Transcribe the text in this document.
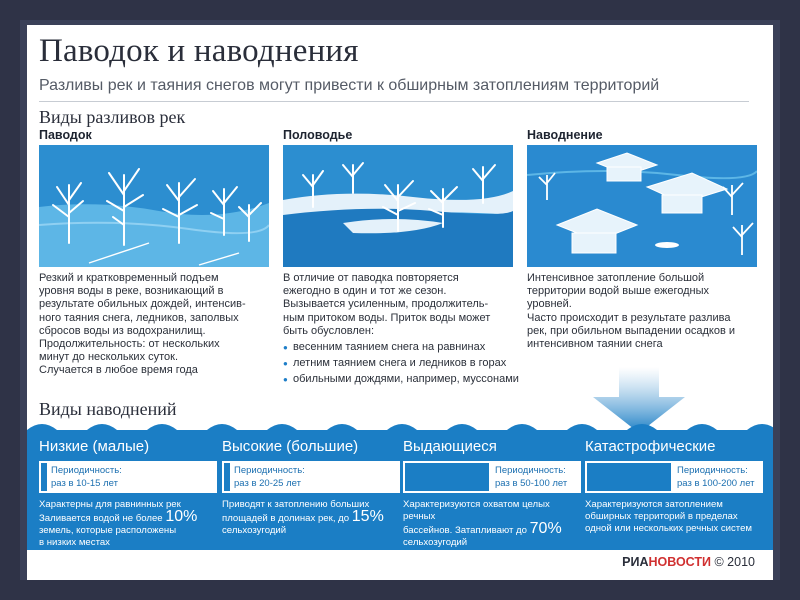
Паводок и наводнения
Разливы рек и таяния снегов могут привести к обширным затоплениям территорий
Виды разливов рек
Паводок	Половодье	Наводнение

Резкий и кратковременный подъем

уровня воды в реке, возникающий в

результате обильных дождей, интенсив-

ного таяния снега, ледников, заполвых

сбросов воды из водохранилищ.

Продолжительность: от нескольких

минут до нескольких суток.

Случается в любое время года

В отличие от паводка повторяется

ежегодно в один и тот же сезон.

Вызывается усиленным, продолжитель-

ным притоком воды. Приток воды может

быть обусловлен:

● весенним таянием снега на равнинах
● летним таянием снега и ледников в горах
● обильными дождями, например, муссонами

Интенсивное затопление большой

территории водой выше ежегодных

уровней.

Часто происходит в результате разлива

рек, при обильном выпадении осадков и

интенсивном таянии снега

Виды наводнений
Низкие (малые)
Периодичность:
раз в 10-15 лет
Характерны для равнинных рек
Заливается водой не более 10%
земель, которые расположены
в низких местах
Высокие (большие)
Периодичность:
раз в 20-25 лет
Приводят к затоплению больших
площадей в долинах рек, до 15%
сельхозугодий
Выдающиеся
Периодичность:
раз в 50-100 лет
Характеризуются охватом целых речных
бассейнов. Затапливают до 70%
сельхозугодий
Катастрофические
Периодичность:
раз в 100-200 лет
Характеризуются затоплением
обширных территорий в пределах
одной или нескольких речных систем
РИАНОВОСТИ © 2010
